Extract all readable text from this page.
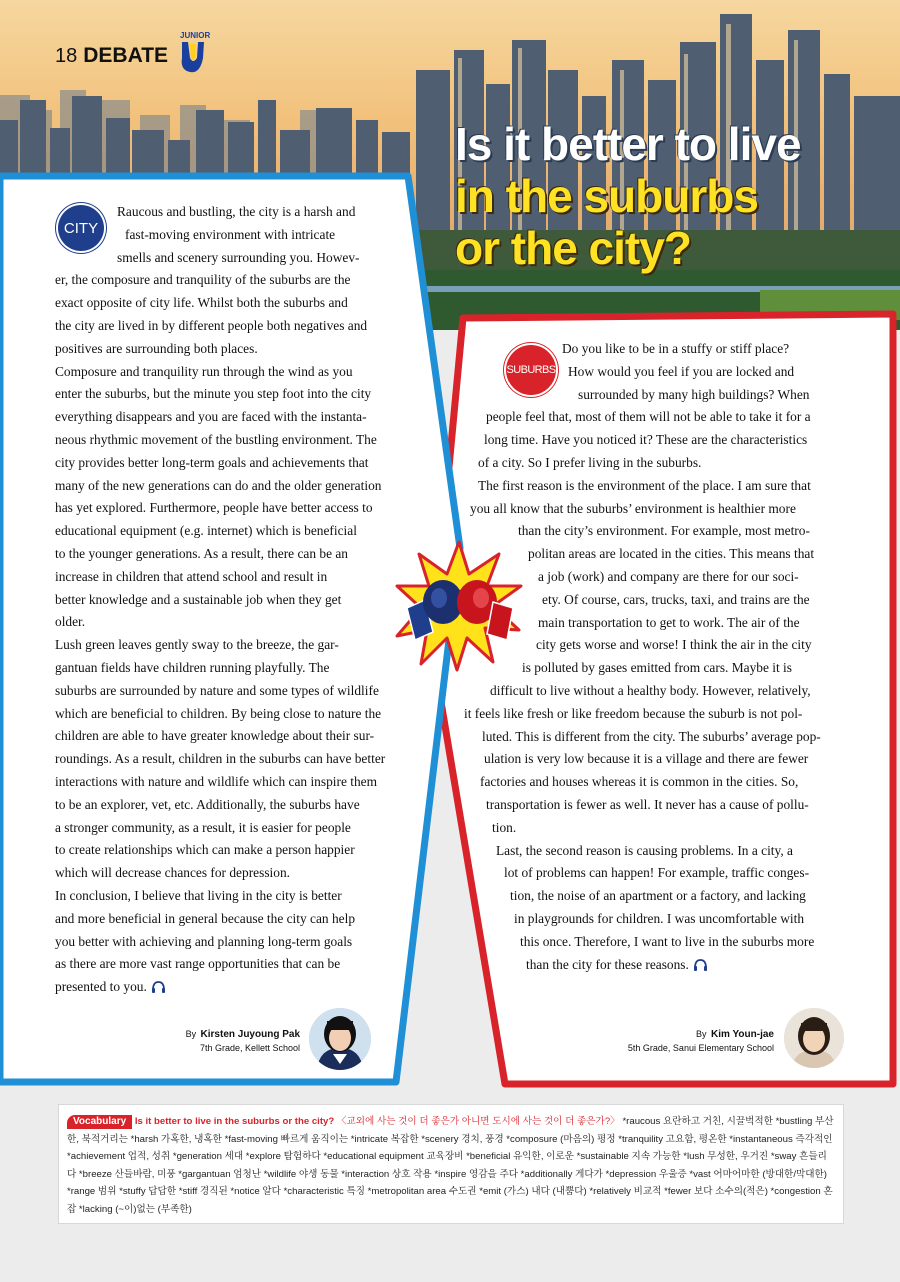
18 DEBATE
JUNIOR
Is it better to live
in the suburbs
or the city?
CITY
SUBURBS
Raucous and bustling, the city is a harsh and
fast-moving environment with intricate
smells and scenery surrounding you. Howev-
er, the composure and tranquility of the suburbs are the
exact opposite of city life. Whilst both the suburbs and
the city are lived in by different people both negatives and
positives are surrounding both places.
Composure and tranquility run through the wind as you
enter the suburbs, but the minute you step foot into the city
everything disappears and you are faced with the instanta-
neous rhythmic movement of the bustling environment. The
city provides better long-term goals and achievements that
many of the new generations can do and the older generation
has yet explored. Furthermore, people have better access to
educational equipment (e.g. internet) which is beneficial
to the younger generations. As a result, there can be an
increase in children that attend school and result in
better knowledge and a sustainable job when they get
older.
Lush green leaves gently sway to the breeze, the gar-
gantuan fields have children running playfully. The
suburbs are surrounded by nature and some types of wildlife
which are beneficial to children. By being close to nature the
children are able to have greater knowledge about their sur-
roundings. As a result, children in the suburbs can have better
interactions with nature and wildlife which can inspire them
to be an explorer, vet, etc. Additionally, the suburbs have
a stronger community, as a result, it is easier for people
to create relationships which can make a person happier
which will decrease chances for depression.
In conclusion, I believe that living in the city is better
and more beneficial in general because the city can help
you better with achieving and planning long-term goals
as there are more vast range opportunities that can be
presented to you.
Do you like to be in a stuffy or stiff place?
How would you feel if you are locked and
surrounded by many high buildings? When
people feel that, most of them will not be able to take it for a
long time. Have you noticed it? These are the characteristics
of a city. So I prefer living in the suburbs.
The first reason is the environment of the place. I am sure that
you all know that the suburbs’ environment is healthier more
than the city’s environment. For example, most metro-
politan areas are located in the cities. This means that
a job (work) and company are there for our soci-
ety. Of course, cars, trucks, taxi, and trains are the
main transportation to get to work. The air of the
city gets worse and worse! I think the air in the city
is polluted by gases emitted from cars. Maybe it is
difficult to live without a healthy body. However, relatively,
it feels like fresh or like freedom because the suburb is not pol-
luted. This is different from the city. The suburbs’ average pop-
ulation is very low because it is a village and there are fewer
factories and houses whereas it is common in the cities. So,
transportation is fewer as well. It never has a cause of pollu-
tion.
Last, the second reason is causing problems. In a city, a
lot of problems can happen! For example, traffic conges-
tion, the noise of an apartment or a factory, and lacking
in playgrounds for children. I was uncomfortable with
this once. Therefore, I want to live in the suburbs more
than the city for these reasons.
By Kirsten Juyoung Pak
7th Grade, Kellett School
By Kim Youn-jae
5th Grade, Sanui Elementary School
Vocabulary Is it better to live in the suburbs or the city? 〈교외에 사는 것이 더 좋은가 아니면 도시에 사는 것이 더 좋은가?〉 *raucous 요란하고 거친, 시끌벅적한 *bustling 부산한, 북적거리는 *harsh 가혹한, 냉혹한 *fast-moving 빠르게 움직이는 *intricate 복잡한 *scenery 경치, 풍경 *composure (마음의) 평정 *tranquility 고요함, 평온한 *instantaneous 즉각적인 *achievement 업적, 성취 *generation 세대 *explore 탐험하다 *educational equipment 교육장비 *beneficial 유익한, 이로운 *sustainable 지속 가능한 *lush 무성한, 우거진 *sway 흔들리다 *breeze 산들바람, 미풍 *gargantuan 엄청난 *wildlife 야생 동물 *interaction 상호 작용 *inspire 영감을 주다 *additionally 게다가 *depression 우울증 *vast 어마어마한 (방대한/막대한) *range 범위 *stuffy 답답한 *stiff 경직된 *notice 알다 *characteristic 특징 *metropolitan area 수도권 *emit (가스) 내다 (내뿜다) *relatively 비교적 *fewer 보다 소수의(적은) *congestion 혼잡 *lacking (~이)없는 (부족한)
